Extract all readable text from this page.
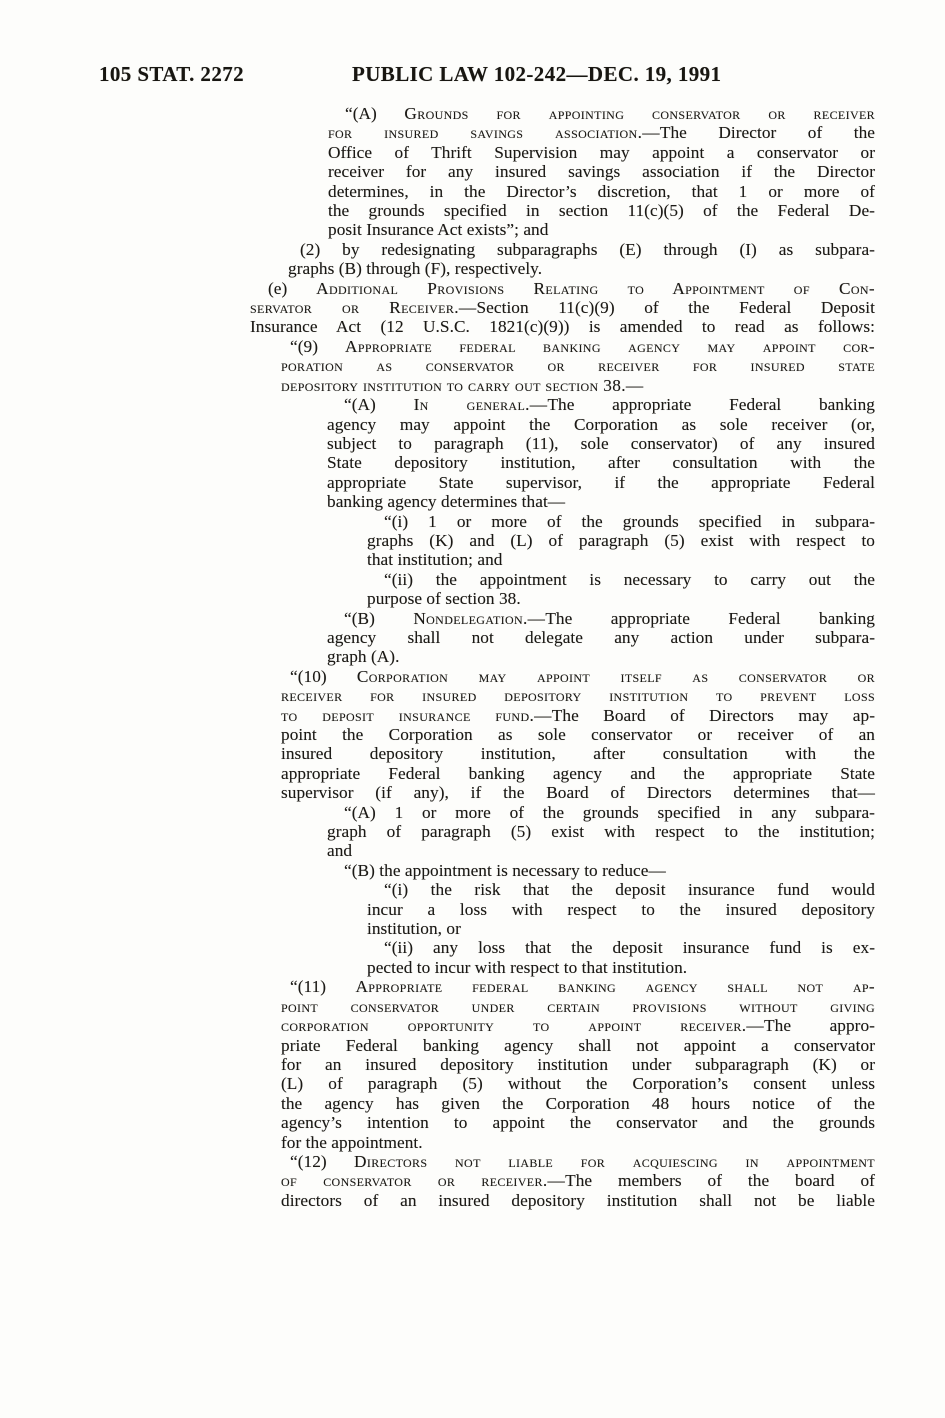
105 STAT. 2272	PUBLIC LAW 102-242—DEC. 19, 1991
“(A) Grounds for appointing conservator or receiver
for insured savings association.—The Director of the
Office of Thrift Supervision may appoint a conservator or
receiver for any insured savings association if the Director
determines, in the Director’s discretion, that 1 or more of
the grounds specified in section 11(c)(5) of the Federal De-
posit Insurance Act exists”; and
(2) by redesignating subparagraphs (E) through (I) as subpara-
graphs (B) through (F), respectively.
(e) Additional Provisions Relating to Appointment of Con-
servator or Receiver.—Section 11(c)(9) of the Federal Deposit
Insurance Act (12 U.S.C. 1821(c)(9)) is amended to read as follows:
“(9) Appropriate federal banking agency may appoint cor-
poration as conservator or receiver for insured state
depository institution to carry out section 38.—
“(A) In general.—The appropriate Federal banking
agency may appoint the Corporation as sole receiver (or,
subject to paragraph (11), sole conservator) of any insured
State depository institution, after consultation with the
appropriate State supervisor, if the appropriate Federal
banking agency determines that—
“(i) 1 or more of the grounds specified in subpara-
graphs (K) and (L) of paragraph (5) exist with respect to
that institution; and
“(ii) the appointment is necessary to carry out the
purpose of section 38.
“(B) Nondelegation.—The appropriate Federal banking
agency shall not delegate any action under subpara-
graph (A).
“(10) Corporation may appoint itself as conservator or
receiver for insured depository institution to prevent loss
to deposit insurance fund.—The Board of Directors may ap-
point the Corporation as sole conservator or receiver of an
insured depository institution, after consultation with the
appropriate Federal banking agency and the appropriate State
supervisor (if any), if the Board of Directors determines that—
“(A) 1 or more of the grounds specified in any subpara-
graph of paragraph (5) exist with respect to the institution;
and
“(B) the appointment is necessary to reduce—
“(i) the risk that the deposit insurance fund would
incur a loss with respect to the insured depository
institution, or
“(ii) any loss that the deposit insurance fund is ex-
pected to incur with respect to that institution.
“(11) Appropriate federal banking agency shall not ap-
point conservator under certain provisions without giving
corporation opportunity to appoint receiver.—The appro-
priate Federal banking agency shall not appoint a conservator
for an insured depository institution under subparagraph (K) or
(L) of paragraph (5) without the Corporation’s consent unless
the agency has given the Corporation 48 hours notice of the
agency’s intention to appoint the conservator and the grounds
for the appointment.
“(12) Directors not liable for acquiescing in appointment
of conservator or receiver.—The members of the board of
directors of an insured depository institution shall not be liable
